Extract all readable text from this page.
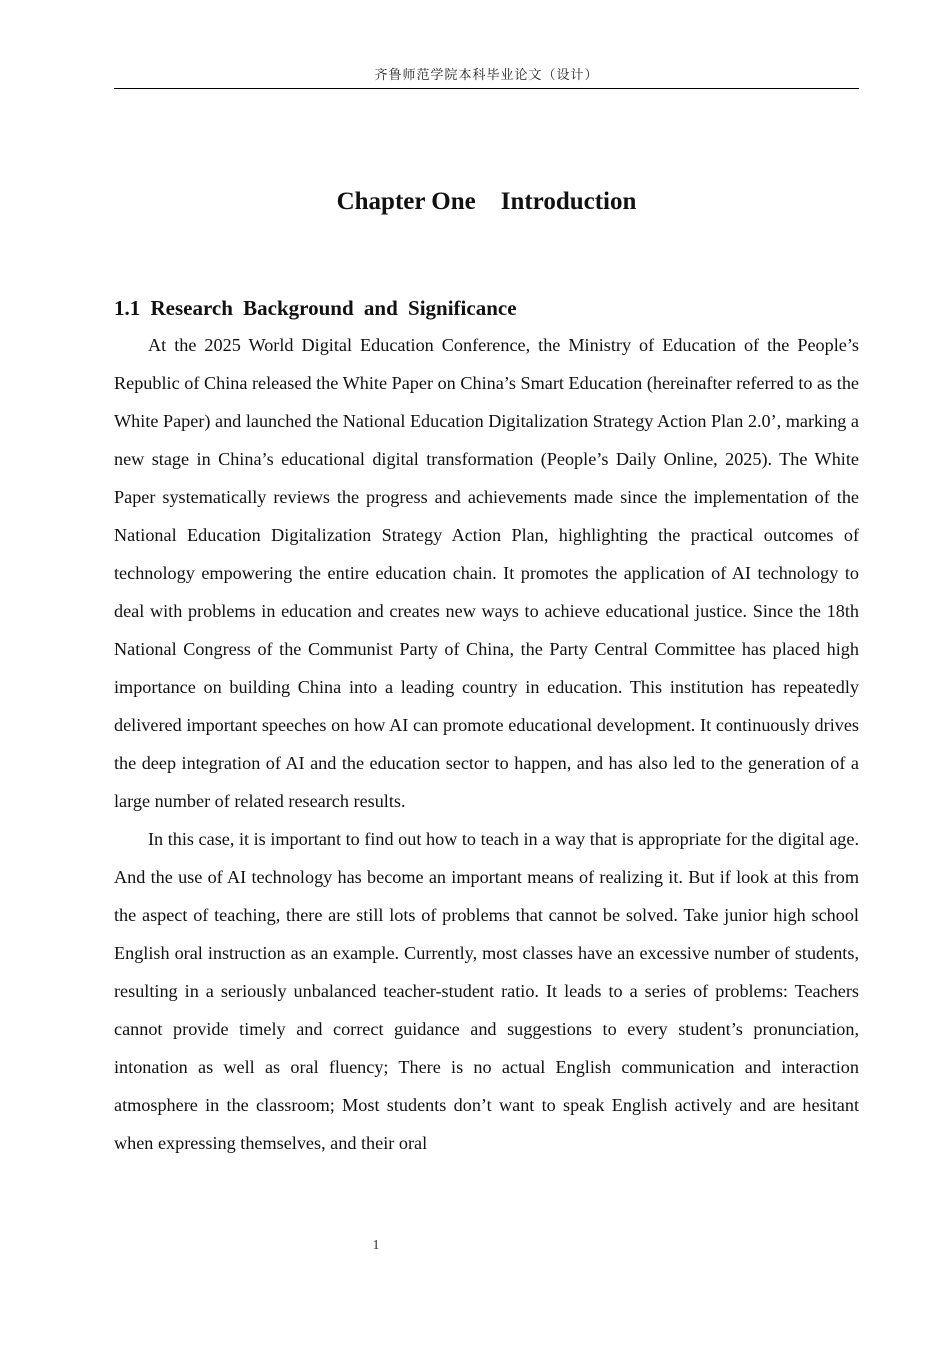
齐鲁师范学院本科毕业论文（设计）
Chapter One    Introduction
1.1 Research Background and Significance

At the 2025 World Digital Education Conference, the Ministry of Education of the People’s Republic of China released the White Paper on China’s Smart Education (hereinafter referred to as the White Paper) and launched the National Education Digitalization Strategy Action Plan 2.0’, marking a new stage in China’s educational digital transformation (People’s Daily Online, 2025). The White Paper systematically reviews the progress and achievements made since the implementation of the National Education Digitalization Strategy Action Plan, highlighting the practical outcomes of technology empowering the entire education chain. It promotes the application of AI technology to deal with problems in education and creates new ways to achieve educational justice. Since the 18th National Congress of the Communist Party of China, the Party Central Committee has placed high importance on building China into a leading country in education. This institution has repeatedly delivered important speeches on how AI can promote educational development. It continuously drives the deep integration of AI and the education sector to happen, and has also led to the generation of a large number of related research results.

In this case, it is important to find out how to teach in a way that is appropriate for the digital age. And the use of AI technology has become an important means of realizing it. But if look at this from the aspect of teaching, there are still lots of problems that cannot be solved. Take junior high school English oral instruction as an example. Currently, most classes have an excessive number of students, resulting in a seriously unbalanced teacher-student ratio. It leads to a series of problems: Teachers cannot provide timely and correct guidance and suggestions to every student’s pronunciation, intonation as well as oral fluency; There is no actual English communication and interaction atmosphere in the classroom; Most students don’t want to speak English actively and are hesitant when expressing themselves, and their oral

1
